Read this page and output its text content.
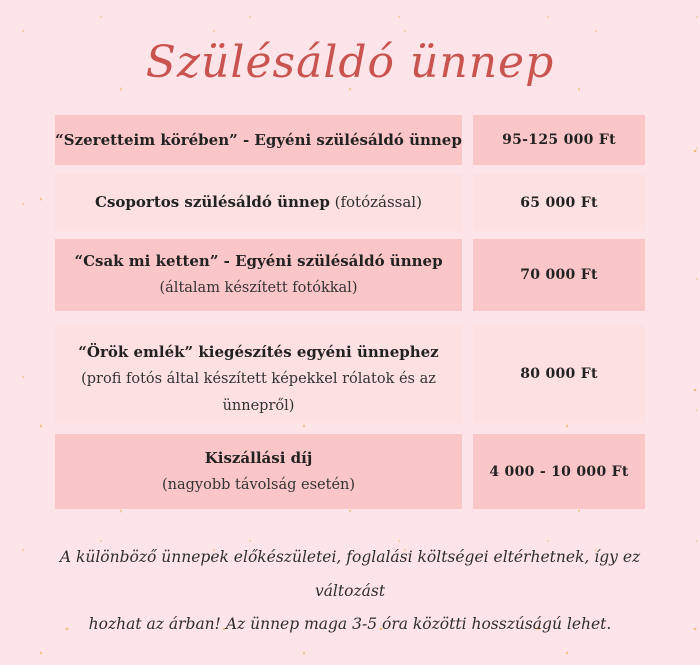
Szülésáldó ünnep

“Szeretteim körében” - Egyéni szülésáldó ünnep	95-125 000 Ft

Csoportos szülésáldó ünnep (fotózással)	65 000 Ft

“Csak mi ketten” - Egyéni szülésáldó ünnep

(általam készített fotókkal)

70 000 Ft

“Örök emlék” kiegészítés egyéni ünnephez

(profi fotós által készített képekkel rólatok és az ünnepről)

80 000 Ft

Kiszállási díj

(nagyobb távolság esetén)

4 000 - 10 000 Ft

A különböző ünnepek előkészületei, foglalási költségei eltérhetnek, így ez változást
hozhat az árban! Az ünnep maga 3-5 óra közötti hosszúságú lehet.
